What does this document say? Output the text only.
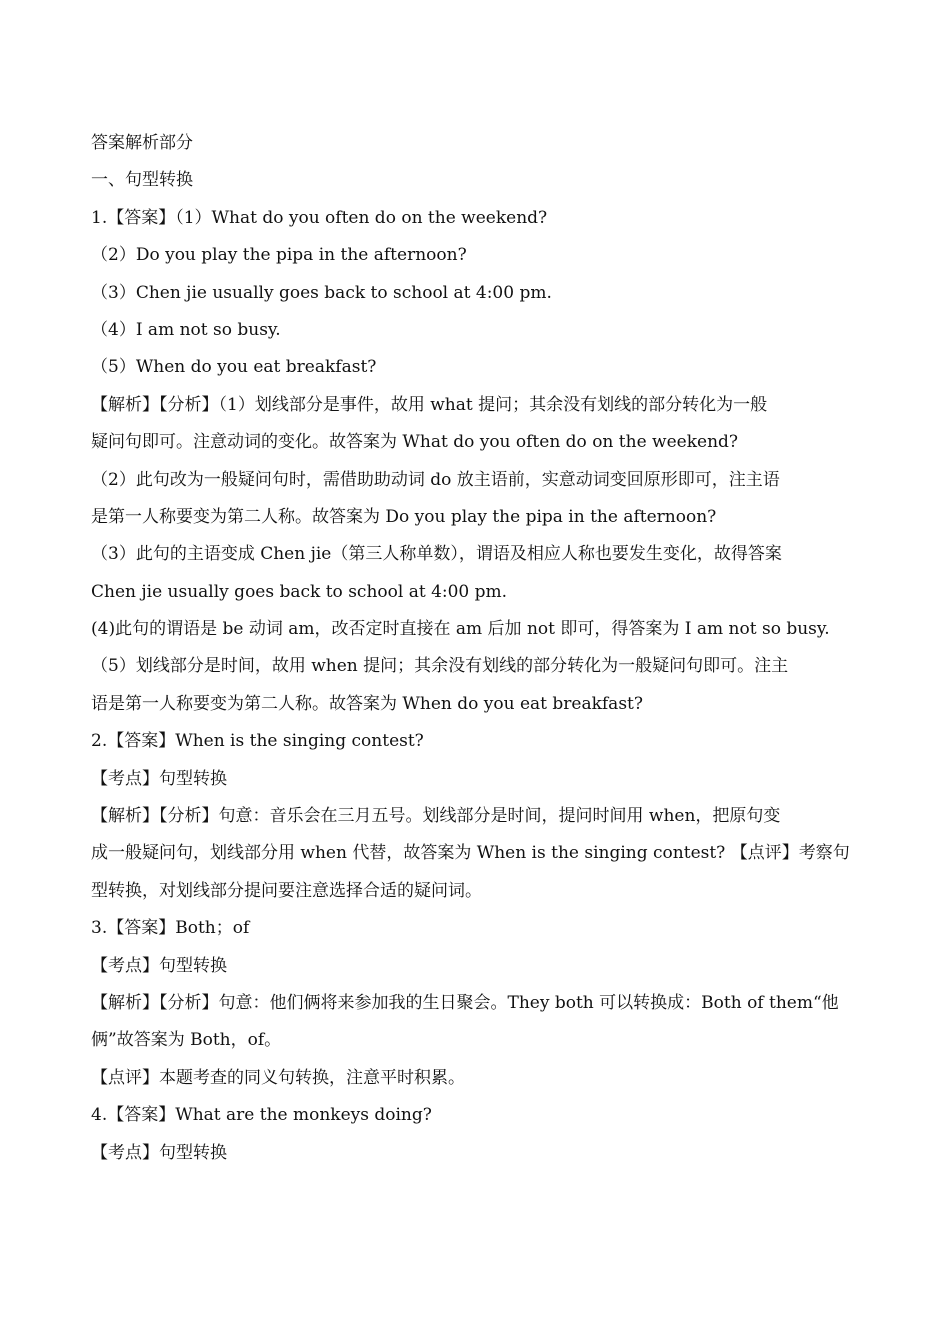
答案解析部分
一、句型转换
1.【答案】（1）What do you often do on the weekend?
（2）Do you play the pipa in the afternoon?
（3）Chen jie usually goes back to school at 4:00 pm.
（4）I am not so busy.
（5）When do you eat breakfast?
【解析】【分析】（1）划线部分是事件，故用 what 提问；其余没有划线的部分转化为一般
疑问句即可。注意动词的变化。故答案为 What do you often do on the weekend?
（2）此句改为一般疑问句时，需借助助动词 do 放主语前，实意动词变回原形即可，注主语
是第一人称要变为第二人称。故答案为 Do you play the pipa in the afternoon?
（3）此句的主语变成 Chen jie（第三人称单数），谓语及相应人称也要发生变化，故得答案
Chen jie usually goes back to school at 4:00 pm.
(4)此句的谓语是 be 动词 am，改否定时直接在 am 后加 not 即可，得答案为 I am not so busy.
（5）划线部分是时间，故用 when 提问；其余没有划线的部分转化为一般疑问句即可。注主
语是第一人称要变为第二人称。故答案为 When do you eat breakfast?
2.【答案】When is the singing contest?
【考点】句型转换
【解析】【分析】句意：音乐会在三月五号。划线部分是时间，提问时间用 when，把原句变
成一般疑问句，划线部分用 when 代替，故答案为 When is the singing contest? 【点评】考察句
型转换，对划线部分提问要注意选择合适的疑问词。
3.【答案】Both；of
【考点】句型转换
【解析】【分析】句意：他们俩将来参加我的生日聚会。They both 可以转换成：Both of them“他
俩”故答案为 Both，of。
【点评】本题考查的同义句转换，注意平时积累。
4.【答案】What are the monkeys doing?
【考点】句型转换
